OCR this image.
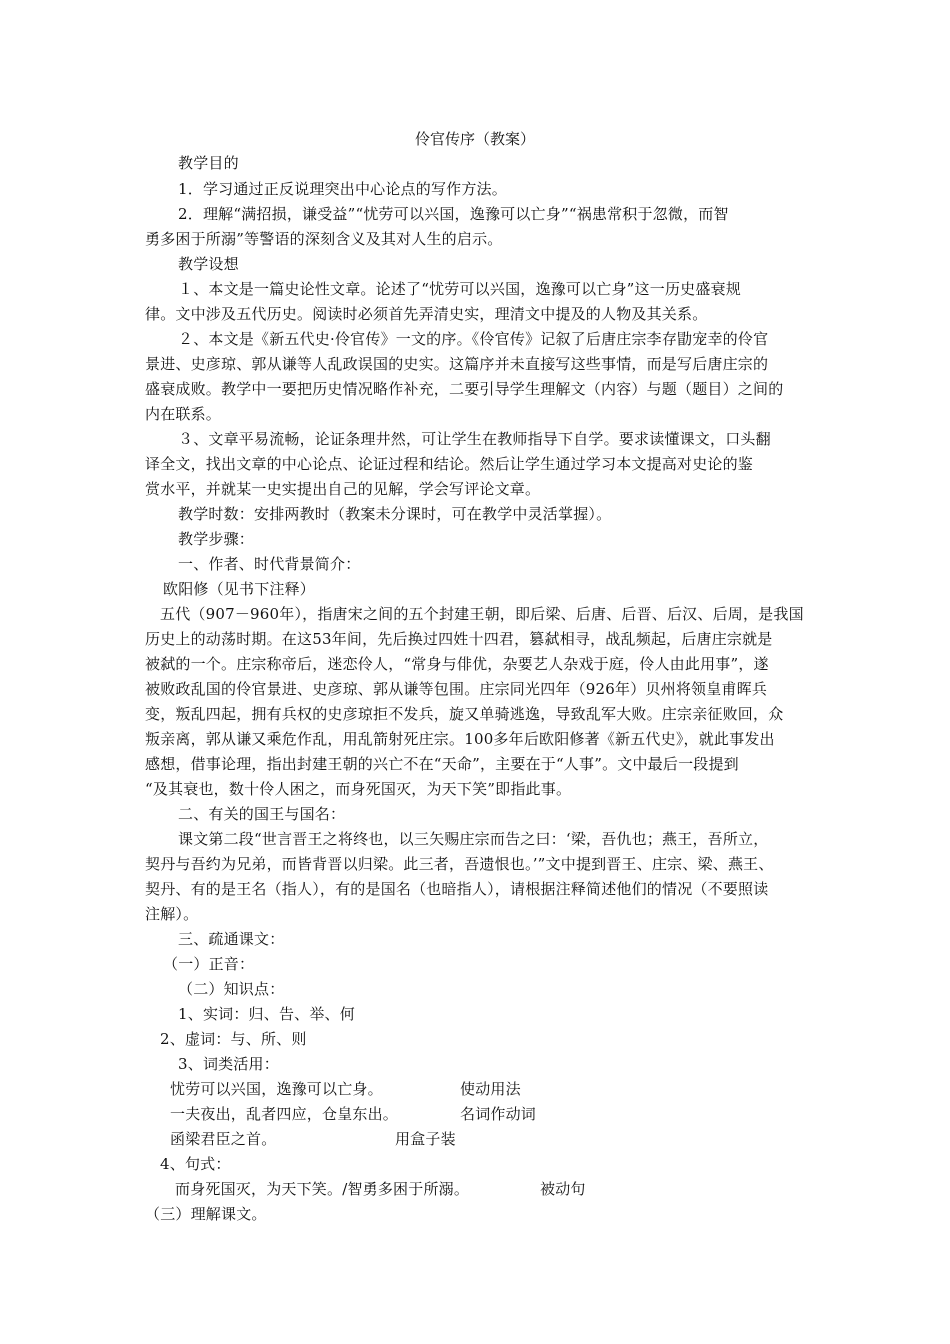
伶官传序（教案）
教学目的
1．学习通过正反说理突出中心论点的写作方法。
2．理解“满招损，谦受益”“忧劳可以兴国，逸豫可以亡身”“祸患常积于忽微，而智
勇多困于所溺”等警语的深刻含义及其对人生的启示。
教学设想
１、本文是一篇史论性文章。论述了“忧劳可以兴国，逸豫可以亡身”这一历史盛衰规
律。文中涉及五代历史。阅读时必须首先弄清史实，理清文中提及的人物及其关系。
２、本文是《新五代史·伶官传》一文的序。《伶官传》记叙了后唐庄宗李存勖宠幸的伶官
景进、史彦琼、郭从谦等人乱政误国的史实。这篇序并未直接写这些事情，而是写后唐庄宗的
盛衰成败。教学中一要把历史情况略作补充，二要引导学生理解文（内容）与题（题目）之间的
内在联系。
３、文章平易流畅，论证条理井然，可让学生在教师指导下自学。要求读懂课文，口头翻
译全文，找出文章的中心论点、论证过程和结论。然后让学生通过学习本文提高对史论的鉴
赏水平，并就某一史实提出自己的见解，学会写评论文章。
教学时数：安排两教时（教案未分课时，可在教学中灵活掌握）。
教学步骤：
一、作者、时代背景简介：
欧阳修（见书下注释）
五代（907－960年），指唐宋之间的五个封建王朝，即后梁、后唐、后晋、后汉、后周，是我国
历史上的动荡时期。在这53年间，先后换过四姓十四君，篡弑相寻，战乱频起，后唐庄宗就是
被弑的一个。庄宗称帝后，迷恋伶人，“常身与俳优，杂要艺人杂戏于庭，伶人由此用事”，遂
被败政乱国的伶官景进、史彦琼、郭从谦等包围。庄宗同光四年（926年）贝州将领皇甫晖兵
变，叛乱四起，拥有兵权的史彦琼拒不发兵，旋又单骑逃逸，导致乱军大败。庄宗亲征败回，众
叛亲离，郭从谦又乘危作乱，用乱箭射死庄宗。100多年后欧阳修著《新五代史》，就此事发出
感想，借事论理，指出封建王朝的兴亡不在“天命”，主要在于“人事”。文中最后一段提到
“及其衰也，数十伶人困之，而身死国灭，为天下笑”即指此事。
二、有关的国王与国名：
课文第二段“世言晋王之将终也，以三矢赐庄宗而告之曰：‘梁，吾仇也；燕王，吾所立，
契丹与吾约为兄弟，而皆背晋以归梁。此三者，吾遗恨也。’”文中提到晋王、庄宗、梁、燕王、
契丹、有的是王名（指人），有的是国名（也暗指人），请根据注释简述他们的情况（不要照读
注解）。
三、疏通课文：
（一）正音：
（二）知识点：
1、实词：归、告、举、何
2、虚词：与、所、则
3、词类活用：
忧劳可以兴国，逸豫可以亡身。	使动用法
一夫夜出，乱者四应，仓皇东出。	名词作动词
函梁君臣之首。	用盒子装
4、句式：
而身死国灭，为天下笑。/智勇多困于所溺。	被动句
（三）理解课文。
